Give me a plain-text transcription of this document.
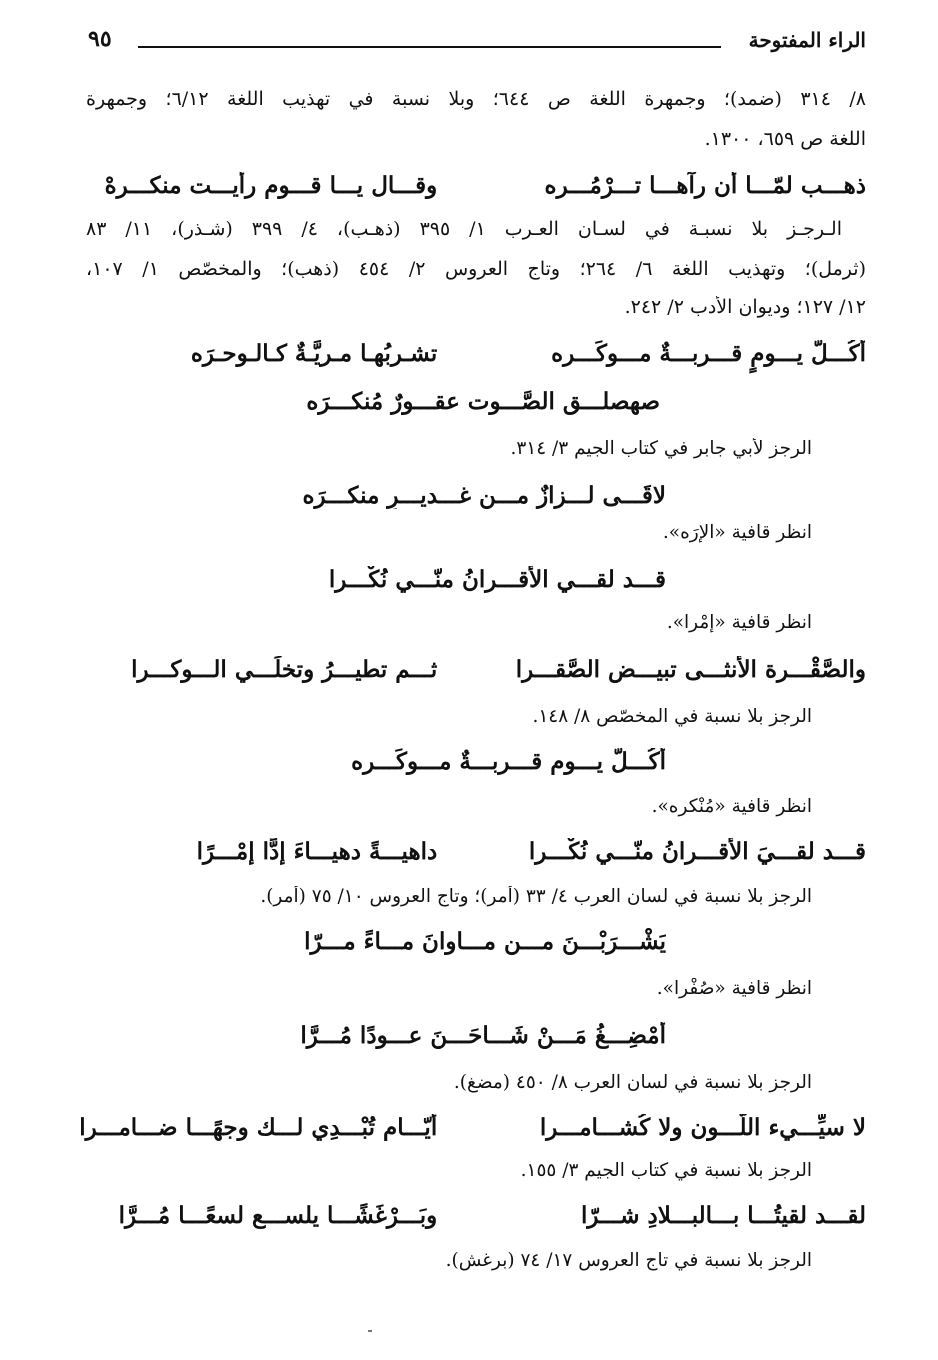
الراء المفتوحة
٩٥
٨/ ٣١٤ (ضمد)؛ وجمهرة اللغة ص ٦٤٤؛ وبلا نسبة في تهذيب اللغة ٦/١٢؛ وجمهرة
اللغة ص ٦٥٩، ١٣٠٠.
ذهـــب لمّـــا أن رآهـــا تـــرْمُـــره
وقـــال يـــا قـــوم رأيـــت منكـــرهْ
الـرجـز بلا نسبـة في لسـان العـرب ١/ ٣٩٥ (ذهـب)، ٤/ ٣٩٩ (شـذر)، ١١/ ٨٣
(ثرمل)؛ وتهذيب اللغة ٦/ ٢٦٤؛ وتاج العروس ٢/ ٤٥٤ (ذهب)؛ والمخصّص ١/ ١٠٧،
١٢/ ١٢٧؛ وديوان الأدب ٢/ ٢٤٢.
أكُـــلَّ يـــومٍ قـــربـــةٌ مـــوكَـــره
تشـربُهـا مـريَّـةٌ كـالـوحـرَه
صهصلـــق الصَّـــوت عقـــورٌ مُنكـــرَه
الرجز لأبي جابر في كتاب الجيم ٣/ ٣١٤.
لاقَـــى لـــزازٌ مـــن غـــديـــرٍ منكـــرَه
انظر قافية «الإرَه».
قـــد لقـــي الأقـــرانُ منّـــي نُكْـــرا
انظر قافية «إمْرا».
والصَّقْـــرة الأُنثـــى تبيـــض الصَّقـــرا
ثـــم تطيـــرُ وتخلِّـــي الـــوكـــرا
الرجز بلا نسبة في المخصّص ٨/ ١٤٨.
أكُـــلَّ يـــومٍ قـــربـــةٌ مـــوكَـــره
انظر قافية «مُنْكره».
قـــد لقـــيَ الأقـــرانُ منّـــي نُكْـــرا
داهيـــةً دهيـــاءَ إدًّا إمْـــرًا
الرجز بلا نسبة في لسان العرب ٤/ ٣٣ (أمر)؛ وتاج العروس ١٠/ ٧٥ (أمر).
يَشْـــرَبْـــنَ مـــن مـــاوانَ مـــاءً مـــرّا
انظر قافية «صُفْرا».
أُمْضِـــغُ مَـــنْ شَـــاحَـــنَ عـــودًا مُـــرَّا
الرجز بلا نسبة في لسان العرب ٨/ ٤٥٠ (مضغ).
لا سيِّـــيء اللَّـــون ولا كُشـــامـــرا
أيّـــام تُبْـــدِي لـــك وجهًـــا ضـــامـــرا
الرجز بلا نسبة في كتاب الجيم ٣/ ١٥٥.
لقـــد لقيتُـــا بـــالبـــلادِ شـــرّا
وبَـــرْغَشًـــا يلســـع لسعًـــا مُـــرَّا
الرجز بلا نسبة في تاج العروس ١٧/ ٧٤ (برغش).
